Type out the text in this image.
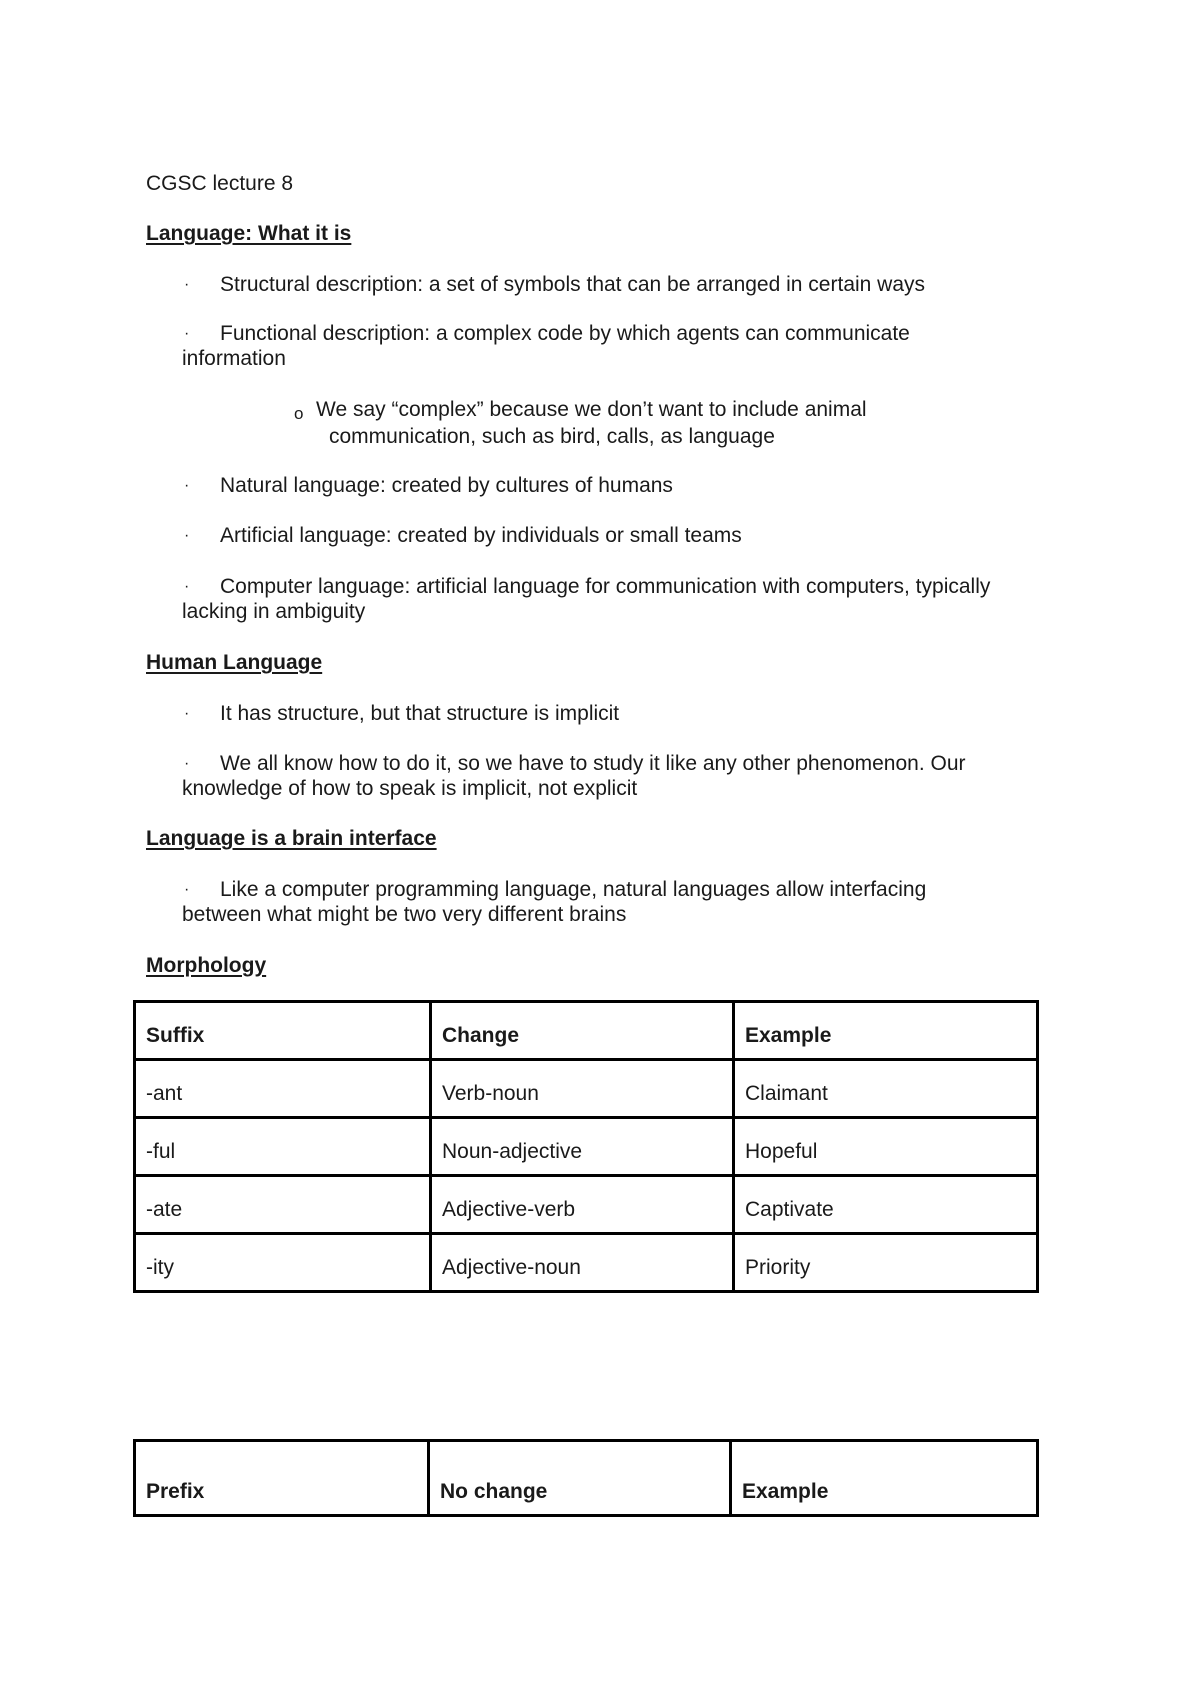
CGSC lecture 8
Language: What it is
· Structural description: a set of symbols that can be arranged in certain ways
· Functional description: a complex code by which agents can communicate
information
o We say “complex” because we don’t want to include animal
communication, such as bird, calls, as language
· Natural language: created by cultures of humans
· Artificial language: created by individuals or small teams
· Computer language: artificial language for communication with computers, typically
lacking in ambiguity
Human Language
· It has structure, but that structure is implicit
· We all know how to do it, so we have to study it like any other phenomenon. Our
knowledge of how to speak is implicit, not explicit
Language is a brain interface
· Like a computer programming language, natural languages allow interfacing
between what might be two very different brains
Morphology
Suffix	Change	Example
-ant	Verb-noun	Claimant
-ful	Noun-adjective	Hopeful
-ate	Adjective-verb	Captivate
-ity	Adjective-noun	Priority
Prefix	No change	Example
